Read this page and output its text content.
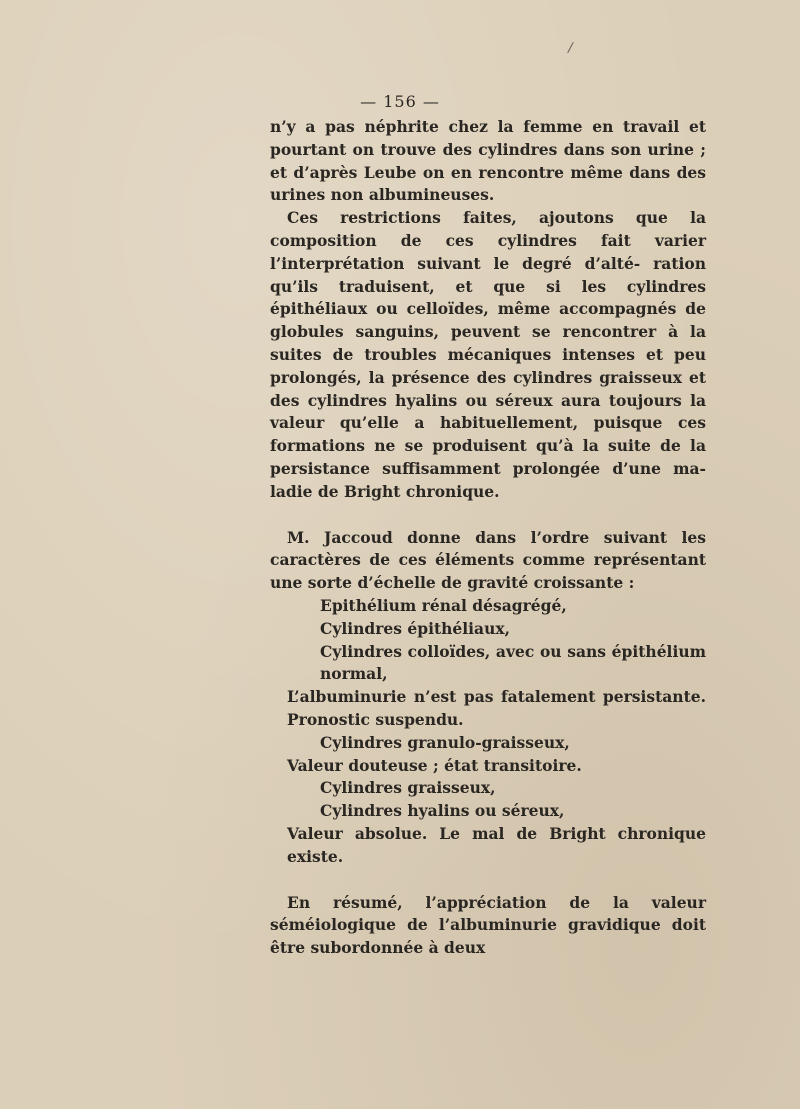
/
— 156 —

n’y a pas néphrite chez la femme en travail et pourtant on trouve des cylindres dans son urine ; et d’après Leube on en rencontre même dans des urines non albumineuses.

Ces restrictions faites, ajoutons que la composition de ces cylindres fait varier l’interprétation suivant le degré d’alté- ration qu’ils traduisent, et que si les cylindres épithéliaux ou celloïdes, même accompagnés de globules sanguins, peuvent se rencontrer à la suites de troubles mécaniques intenses et peu prolongés, la présence des cylindres graisseux et des cylindres hyalins ou séreux aura toujours la valeur qu’elle a habituellement, puisque ces formations ne se produisent qu’à la suite de la persistance suffisamment prolongée d’une ma- ladie de Bright chronique.

M. Jaccoud donne dans l’ordre suivant les caractères de ces éléments comme représentant une sorte d’échelle de gravité croissante :

Epithélium rénal désagrégé,

Cylindres épithéliaux,

Cylindres colloïdes, avec ou sans épithélium normal,

L’albuminurie n’est pas fatalement persistante. Pronostic suspendu.

Cylindres granulo-graisseux,

Valeur douteuse ; état transitoire.

Cylindres graisseux,

Cylindres hyalins ou séreux,

Valeur absolue. Le mal de Bright chronique existe.

En résumé, l’appréciation de la valeur séméiologique de l’albuminurie gravidique doit être subordonnée à deux
